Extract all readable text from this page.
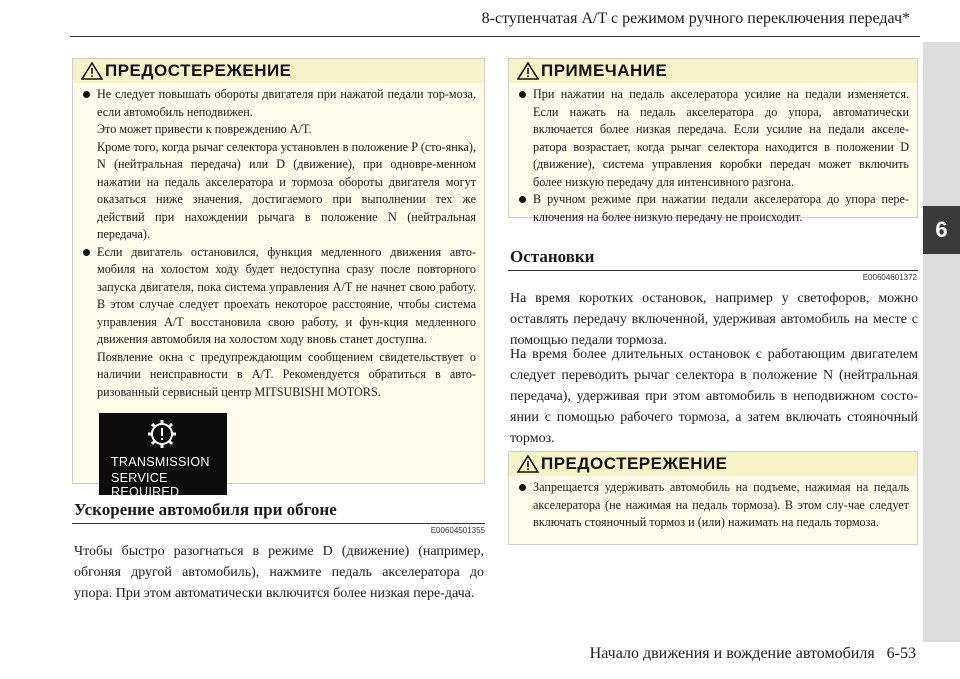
8-ступенчатая A/T с режимом ручного переключения передач*
6
ПРЕДОСТЕРЕЖЕНИЕ
Не следует повышать обороты двигателя при нажатой педали тор-моза, если автомобиль неподвижен.
Это может привести к повреждению A/T.
Кроме того, когда рычаг селектора установлен в положение P (сто-янка), N (нейтральная передача) или D (движение), при одновре-менном нажатии на педаль акселератора и тормоза обороты двигателя могут оказаться ниже значения, достигаемого при выполнении тех же действий при нахождении рычага в положение N (нейтральная передача).
Если двигатель остановился, функция медленного движения авто-мобиля на холостом ходу будет недоступна сразу после повторного запуска двигателя, пока система управления A/T не начнет свою работу. В этом случае следует проехать некоторое расстояние, чтобы система управления A/T восстановила свою работу, и фун-кция медленного движения автомобиля на холостом ходу вновь станет доступна.
Появление окна с предупреждающим сообщением свидетельствует о наличии неисправности в A/T. Рекомендуется обратиться в авто-ризованный сервисный центр MITSUBISHI MOTORS.
TRANSMISSION
SERVICE REQUIRED
Ускорение автомобиля при обгоне
E00604501355
Чтобы быстро разогнаться в режиме D (движение) (например, обгоняя другой автомобиль), нажмите педаль акселератора до упора. При этом автоматически включится более низкая пере-дача.
ПРИМЕЧАНИЕ
При нажатии на педаль акселератора усилие на педали изменяется. Если нажать на педаль акселератора до упора, автоматически включается более низкая передача. Если усилие на педали акселе-ратора возрастает, когда рычаг селектора находится в положении D (движение), система управления коробки передач может включить более низкую передачу для интенсивного разгона.
В ручном режиме при нажатии педали акселератора до упора пере-ключения на более низкую передачу не происходит.
Остановки
E00604601372
На время коротких остановок, например у светофоров, можно оставлять передачу включенной, удерживая автомобиль на месте с помощью педали тормоза.
На время более длительных остановок с работающим двигателем следует переводить рычаг селектора в положение N (нейтральная передача), удерживая при этом автомобиль в неподвижном состо-янии с помощью рабочего тормоза, а затем включать стояночный тормоз.
ПРЕДОСТЕРЕЖЕНИЕ
Запрещается удерживать автомобиль на подъеме, нажимая на педаль акселератора (не нажимая на педаль тормоза). В этом слу-чае следует включать стояночный тормоз и (или) нажимать на педаль тормоза.
Начало движения и вождение автомобиля   6-53
